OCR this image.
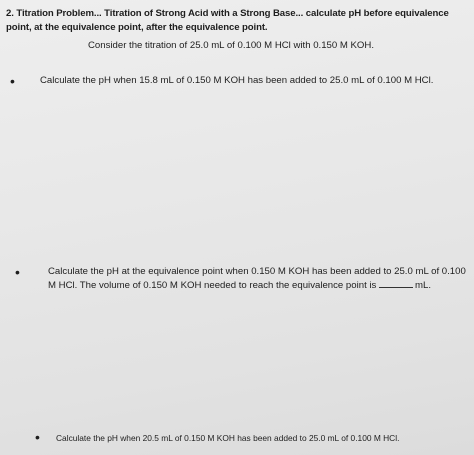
2. Titration Problem... Titration of Strong Acid with a Strong Base... calculate pH before equivalence point, at the equivalence point, after the equivalence point.
Consider the titration of 25.0 mL of 0.100 M HCl with 0.150 M KOH.
•	Calculate the pH when 15.8 mL of 0.150 M KOH has been added to 25.0 mL of 0.100 M HCl.
•	Calculate the pH at the equivalence point when 0.150 M KOH has been added to 25.0 mL of 0.100 M HCl. The volume of 0.150 M KOH needed to reach the equivalence point is	mL.
• Calculate the pH when 20.5 mL of 0.150 M KOH has been added to 25.0 mL of 0.100 M HCl.
